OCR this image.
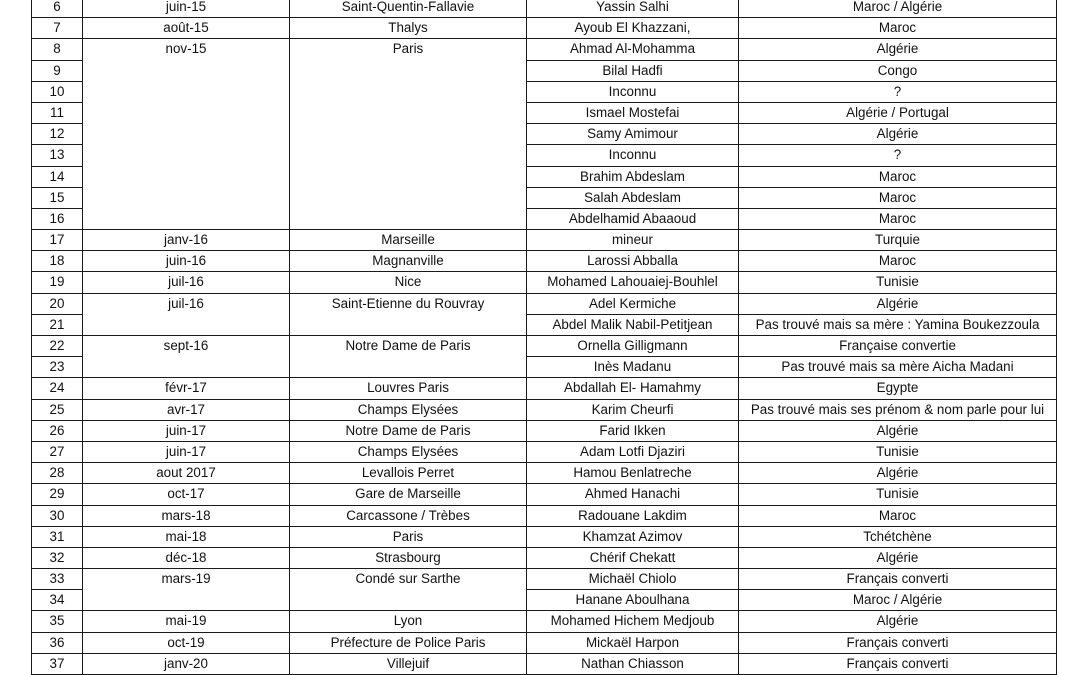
6	juin-15	Saint-Quentin-Fallavie	Yassin Salhi	Maroc / Algérie
7	août-15	Thalys	Ayoub El Khazzani,	Maroc
8	nov-15	Paris	Ahmad Al-Mohamma	Algérie
9			Bilal Hadfi	Congo
10			Inconnu	?
11			Ismael Mostefai	Algérie / Portugal
12			Samy Amimour	Algérie
13			Inconnu	?
14			Brahim Abdeslam	Maroc
15			Salah Abdeslam	Maroc
16			Abdelhamid Abaaoud	Maroc
17	janv-16	Marseille	mineur	Turquie
18	juin-16	Magnanville	Larossi Abballa	Maroc
19	juil-16	Nice	Mohamed Lahouaiej-Bouhlel	Tunisie
20	juil-16	Saint-Etienne du Rouvray	Adel Kermiche	Algérie
21			Abdel Malik Nabil-Petitjean	Pas trouvé mais sa mère : Yamina Boukezzoula
22	sept-16	Notre Dame de Paris	Ornella Gilligmann	Française convertie
23			Inès Madanu	Pas trouvé mais sa mère Aicha Madani
24	févr-17	Louvres Paris	Abdallah El- Hamahmy	Egypte
25	avr-17	Champs Elysées	Karim Cheurfi	Pas trouvé mais ses prénom & nom parle pour lui
26	juin-17	Notre Dame de Paris	Farid Ikken	Algérie
27	juin-17	Champs Elysées	Adam Lotfi Djaziri	Tunisie
28	aout 2017	Levallois Perret	Hamou Benlatreche	Algérie
29	oct-17	Gare de Marseille	Ahmed Hanachi	Tunisie
30	mars-18	Carcassone / Trèbes	Radouane Lakdim	Maroc
31	mai-18	Paris	Khamzat Azimov	Tchétchène
32	déc-18	Strasbourg	Chérif Chekatt	Algérie
33	mars-19	Condé sur Sarthe	Michaël Chiolo	Français converti
34			Hanane Aboulhana	Maroc / Algérie
35	mai-19	Lyon	Mohamed Hichem Medjoub	Algérie
36	oct-19	Préfecture de Police Paris	Mickaël Harpon	Français converti
37	janv-20	Villejuif	Nathan Chiasson	Français converti
